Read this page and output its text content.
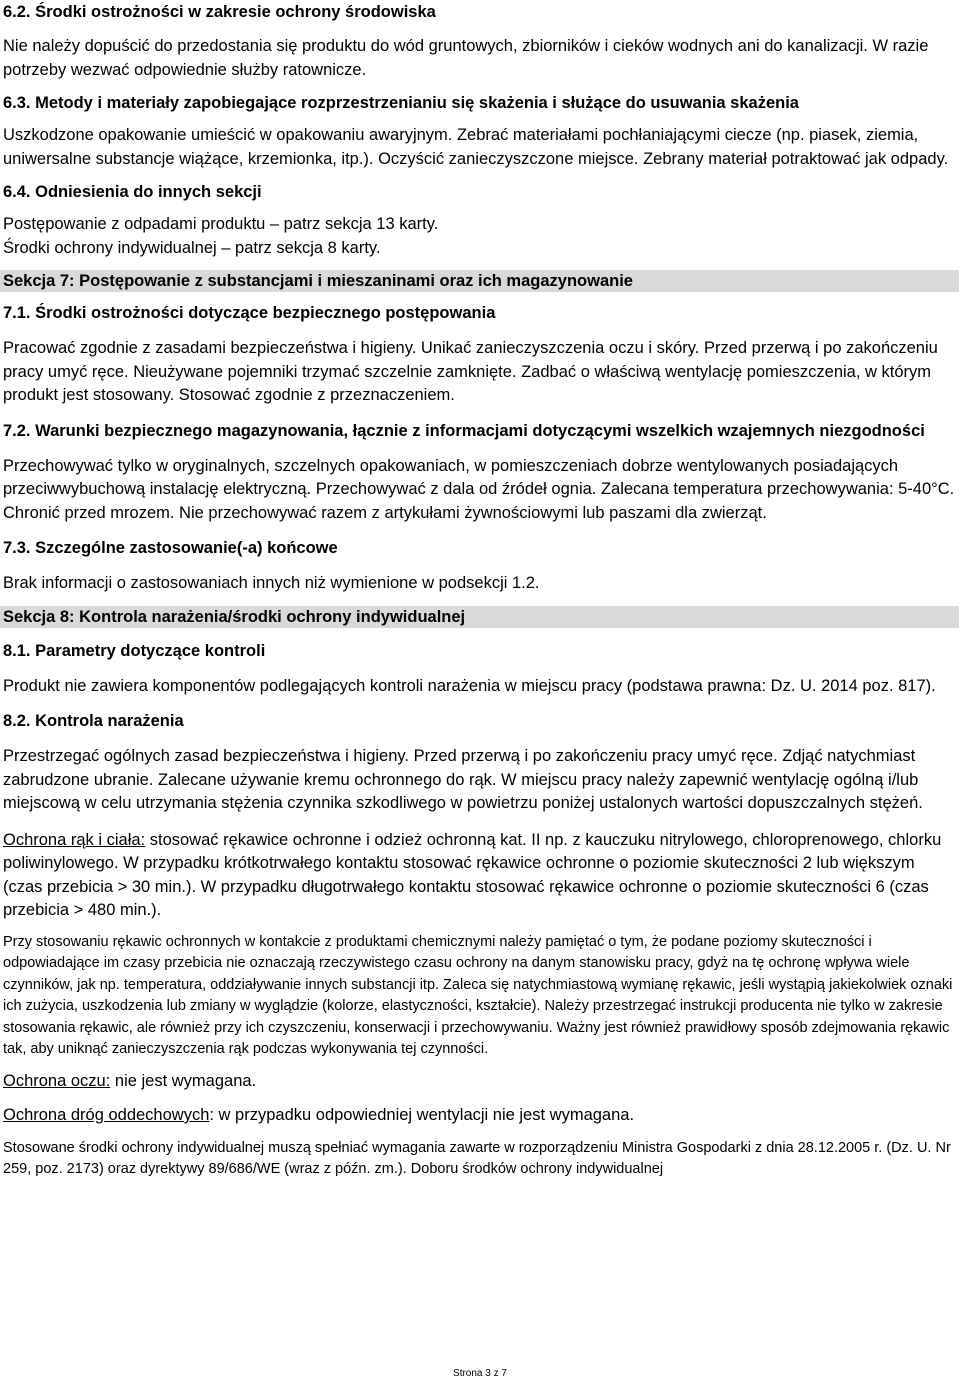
6.2. Środki ostrożności w zakresie ochrony środowiska

Nie należy dopuścić do przedostania się produktu do wód gruntowych, zbiorników i cieków wodnych ani do kanalizacji. W razie potrzeby wezwać odpowiednie służby ratownicze.

6.3. Metody i materiały zapobiegające rozprzestrzenianiu się skażenia i służące do usuwania skażenia

Uszkodzone opakowanie umieścić w opakowaniu awaryjnym. Zebrać materiałami pochłaniającymi ciecze (np. piasek, ziemia, uniwersalne substancje wiążące, krzemionka, itp.). Oczyścić zanieczyszczone miejsce. Zebrany materiał potraktować jak odpady.

6.4. Odniesienia do innych sekcji

Postępowanie z odpadami produktu – patrz sekcja 13 karty.

Środki ochrony indywidualnej – patrz sekcja 8 karty.

Sekcja 7: Postępowanie z substancjami i mieszaninami oraz ich magazynowanie

7.1. Środki ostrożności dotyczące bezpiecznego postępowania

Pracować zgodnie z zasadami bezpieczeństwa i higieny. Unikać zanieczyszczenia oczu i skóry. Przed przerwą i po zakończeniu pracy umyć ręce. Nieużywane pojemniki trzymać szczelnie zamknięte. Zadbać o właściwą wentylację pomieszczenia, w którym produkt jest stosowany. Stosować zgodnie z przeznaczeniem.

7.2. Warunki bezpiecznego magazynowania, łącznie z informacjami dotyczącymi wszelkich wzajemnych niezgodności

Przechowywać tylko w oryginalnych, szczelnych opakowaniach, w pomieszczeniach dobrze wentylowanych posiadających przeciwwybuchową instalację elektryczną. Przechowywać z dala od źródeł ognia. Zalecana temperatura przechowywania: 5-40°C. Chronić przed mrozem. Nie przechowywać razem z artykułami żywnościowymi lub paszami dla zwierząt.

7.3. Szczególne zastosowanie(-a) końcowe

Brak informacji o zastosowaniach innych niż wymienione w podsekcji 1.2.

Sekcja 8: Kontrola narażenia/środki ochrony indywidualnej

8.1. Parametry dotyczące kontroli

Produkt nie zawiera komponentów podlegających kontroli narażenia w miejscu pracy (podstawa prawna: Dz. U. 2014 poz. 817).

8.2. Kontrola narażenia

Przestrzegać ogólnych zasad bezpieczeństwa i higieny. Przed przerwą i po zakończeniu pracy umyć ręce. Zdjąć natychmiast zabrudzone ubranie. Zalecane używanie kremu ochronnego do rąk. W miejscu pracy należy zapewnić wentylację ogólną i/lub miejscową w celu utrzymania stężenia czynnika szkodliwego w powietrzu poniżej ustalonych wartości dopuszczalnych stężeń.

Ochrona rąk i ciała: stosować rękawice ochronne i odzież ochronną kat. II np. z kauczuku nitrylowego, chloroprenowego, chlorku poliwinylowego. W przypadku krótkotrwałego kontaktu stosować rękawice ochronne o poziomie skuteczności 2 lub większym (czas przebicia > 30 min.). W przypadku długotrwałego kontaktu stosować rękawice ochronne o poziomie skuteczności 6 (czas przebicia > 480 min.).

Przy stosowaniu rękawic ochronnych w kontakcie z produktami chemicznymi należy pamiętać o tym, że podane poziomy skuteczności i odpowiadające im czasy przebicia nie oznaczają rzeczywistego czasu ochrony na danym stanowisku pracy, gdyż na tę ochronę wpływa wiele czynników, jak np. temperatura, oddziaływanie innych substancji itp. Zaleca się natychmiastową wymianę rękawic, jeśli wystąpią jakiekolwiek oznaki ich zużycia, uszkodzenia lub zmiany w wyglądzie (kolorze, elastyczności, kształcie). Należy przestrzegać instrukcji producenta nie tylko w zakresie stosowania rękawic, ale również przy ich czyszczeniu, konserwacji i przechowywaniu. Ważny jest również prawidłowy sposób zdejmowania rękawic tak, aby uniknąć zanieczyszczenia rąk podczas wykonywania tej czynności.

Ochrona oczu: nie jest wymagana.

Ochrona dróg oddechowych: w przypadku odpowiedniej wentylacji nie jest wymagana.

Stosowane środki ochrony indywidualnej muszą spełniać wymagania zawarte w rozporządzeniu Ministra Gospodarki z dnia 28.12.2005 r. (Dz. U. Nr 259, poz. 2173) oraz dyrektywy 89/686/WE (wraz z późn. zm.). Doboru środków ochrony indywidualnej

Strona 3 z 7
